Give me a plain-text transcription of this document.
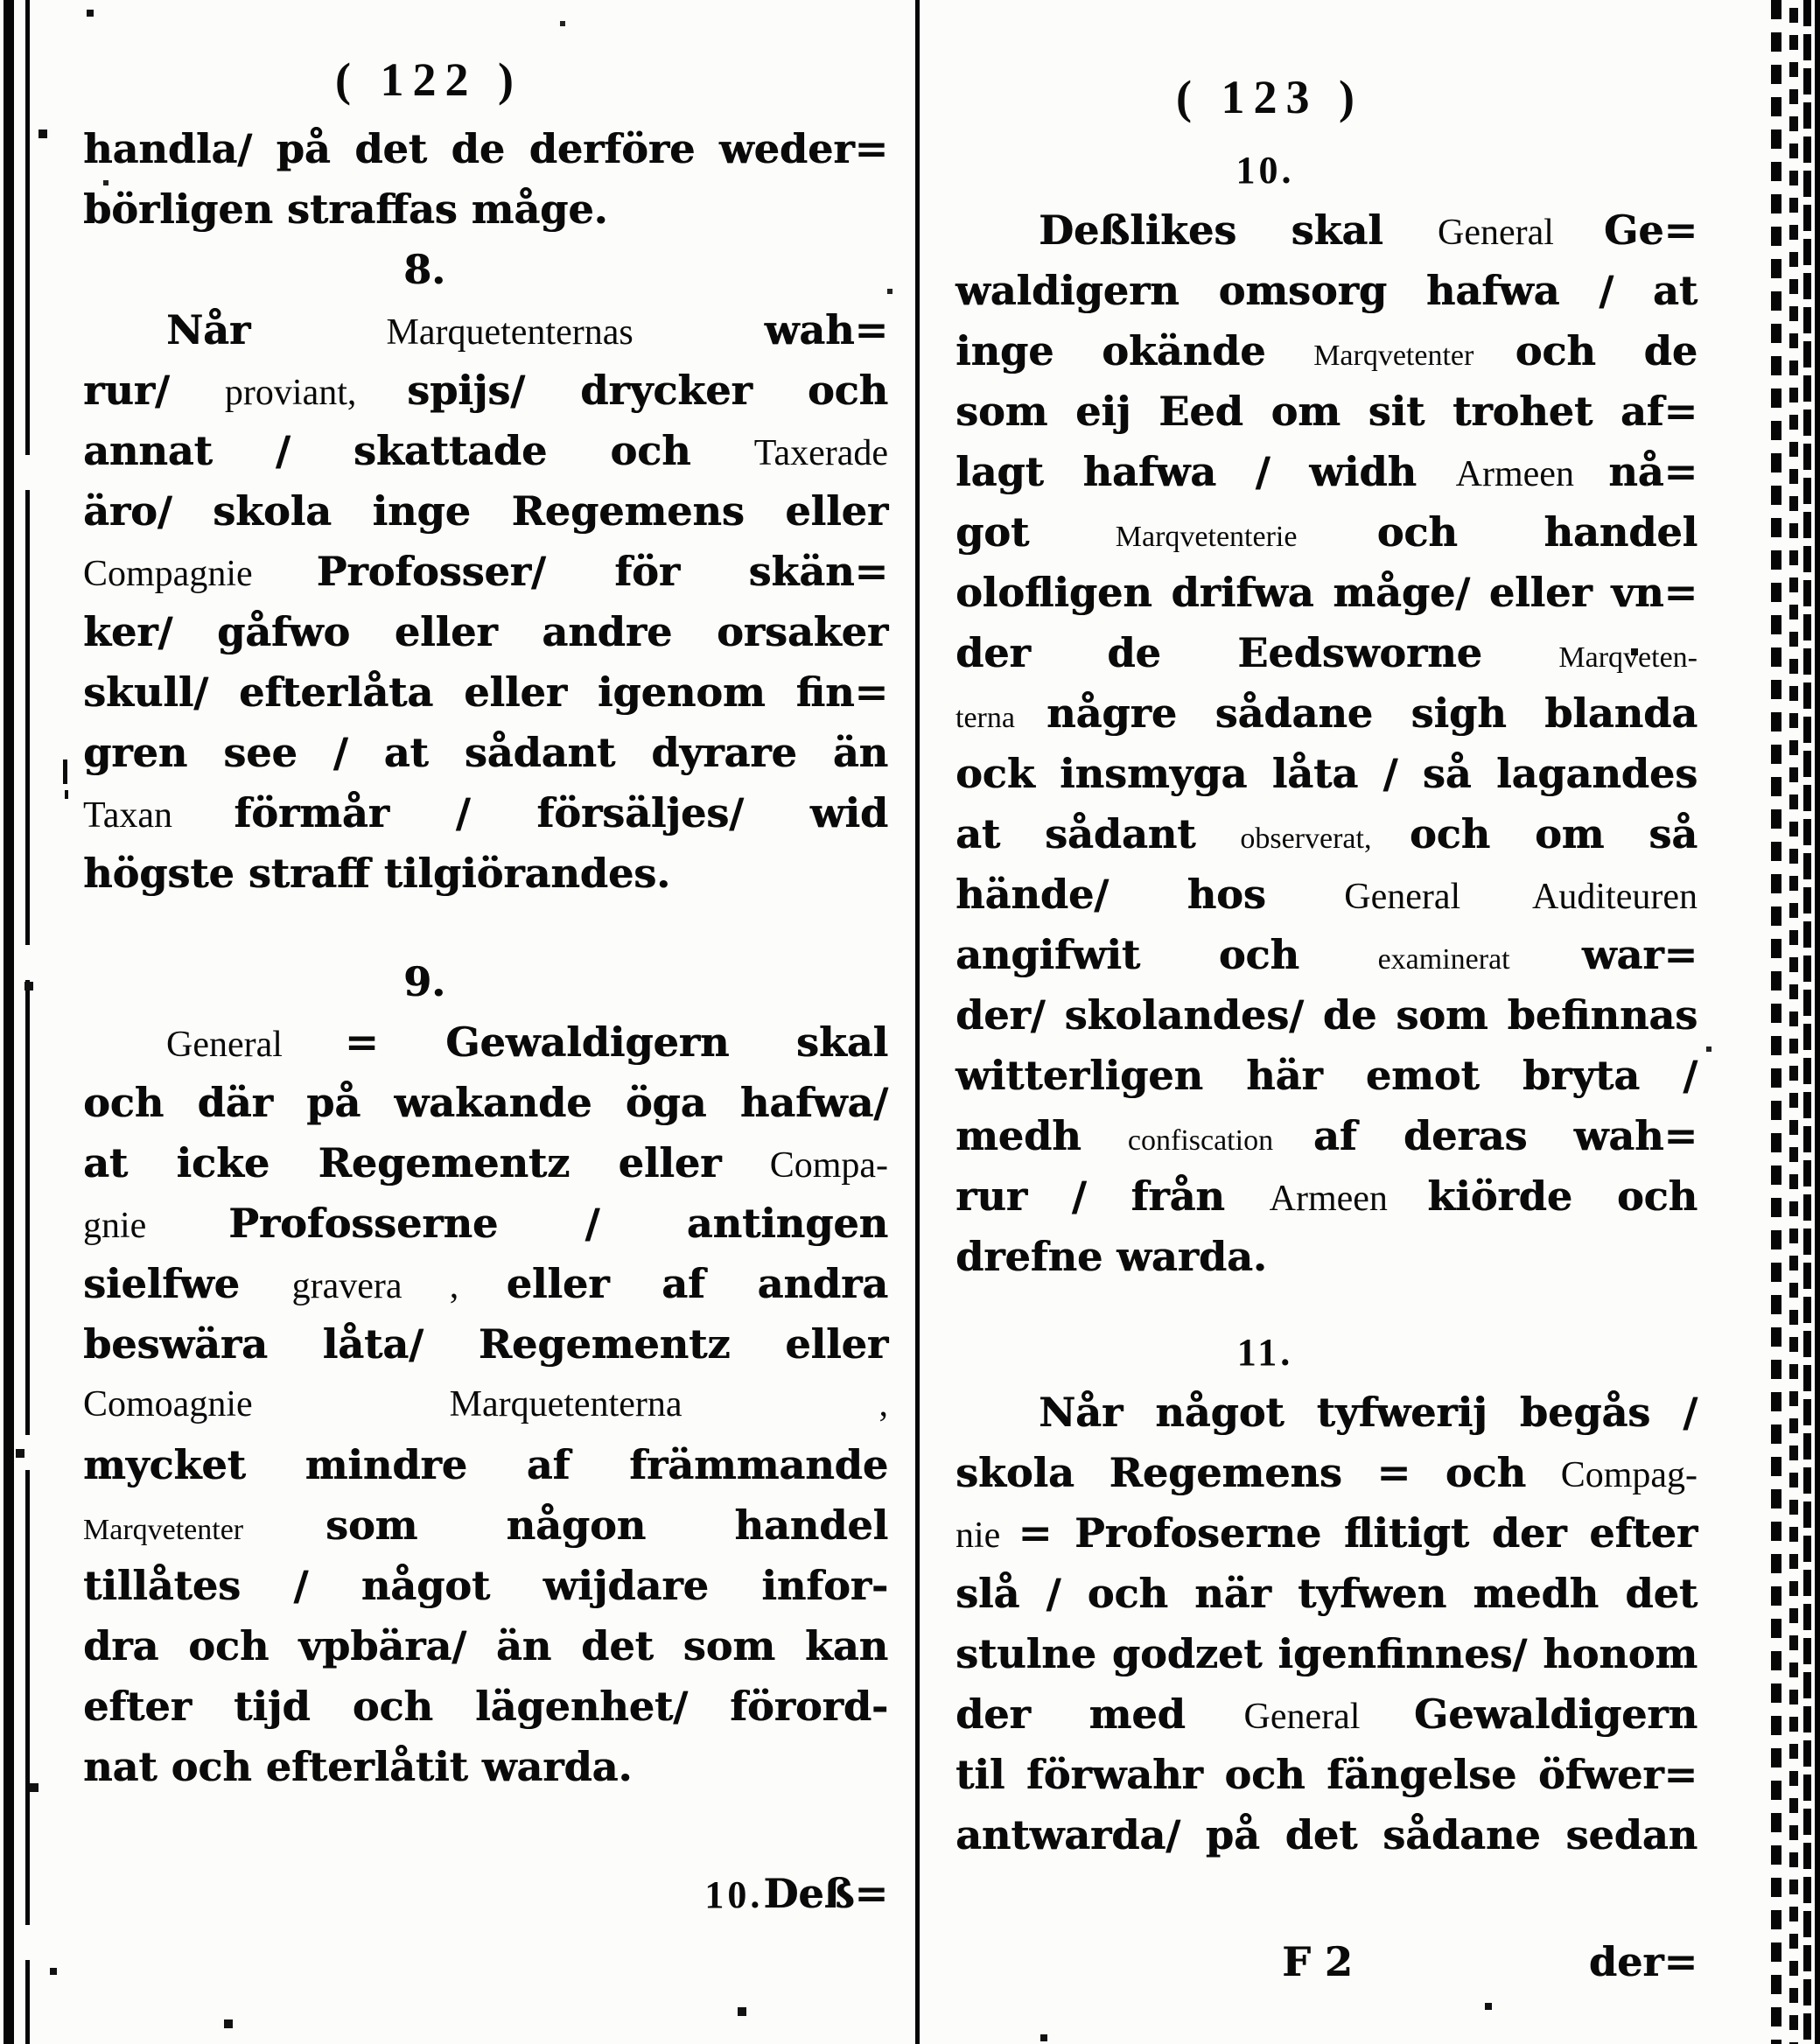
( 122 )
handla/ på det de derföre weder=
börligen straffas måge.
8.
Når Marquetenternas wah=
rur/ proviant, spijs/ drycker och
annat / skattade och Taxerade
äro/ skola inge Regemens eller
Compagnie Profosser/ för skän=
ker/ gåfwo eller andre orsaker
skull/ efterlåta eller igenom fin=
gren see / at sådant dyrare än
Taxan förmår / försäljes/ wid
högste straff tilgiörandes.
9.
General = Gewaldigern skal
och där på wakande öga hafwa/
at icke Regementz eller Compa-
gnie Profosserne / antingen
sielfwe gravera , eller af andra
beswära låta/ Regementz eller
Comoagnie Marquetenterna ,
mycket mindre af främmande
Marqvetenter som någon handel
tillåtes / något wijdare infor-
dra och vpbära/ än det som kan
efter tijd och lägenhet/ förord-
nat och efterlåtit warda.
10.Deß=
( 123 )
10.
Deßlikes skal General Ge=
waldigern omsorg hafwa / at
inge okände Marqvetenter och de
som eij Eed om sit trohet af=
lagt hafwa / widh Armeen nå=
got Marqvetenterie och handel
olofligen drifwa måge/ eller vn=
der de Eedsworne Marqveten-
terna någre sådane sigh blanda
ock insmyga låta / så lagandes
at sådant observerat, och om så
hände/ hos General Auditeuren
angifwit och examinerat war=
der/ skolandes/ de som befinnas
witterligen här emot bryta /
medh confiscation af deras wah=
rur / från Armeen kiörde och
drefne warda.
11.
Når något tyfwerij begås /
skola Regemens = och Compag-
nie = Profoserne flitigt der efter
slå / och när tyfwen medh det
stulne godzet igenfinnes/ honom
der med General Gewaldigern
til förwahr och fängelse öfwer=
antwarda/ på det sådane sedan
F 2	der=
